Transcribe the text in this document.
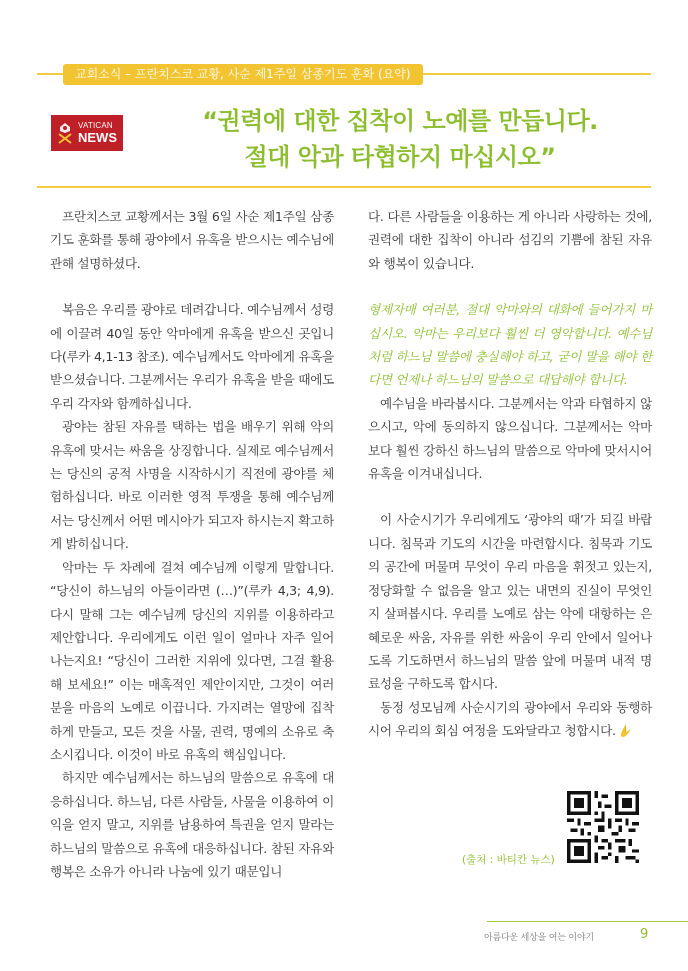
교회소식 – 프란치스코 교황, 사순 제1주일 삼종기도 훈화 (요약)
VATICAN
NEWS
“권력에 대한 집착이 노예를 만듭니다.
절대 악과 타협하지 마십시오”

프란치스코 교황께서는 3월 6일 사순 제1주일 삼종기도 훈화를 통해 광야에서 유혹을 받으시는 예수님에 관해 설명하셨다.

복음은 우리를 광야로 데려갑니다. 예수님께서 성령에 이끌려 40일 동안 악마에게 유혹을 받으신 곳입니다(루카 4,1-13 참조). 예수님께서도 악마에게 유혹을 받으셨습니다. 그분께서는 우리가 유혹을 받을 때에도 우리 각자와 함께하십니다.

광야는 참된 자유를 택하는 법을 배우기 위해 악의 유혹에 맞서는 싸움을 상징합니다. 실제로 예수님께서는 당신의 공적 사명을 시작하시기 직전에 광야를 체험하십니다. 바로 이러한 영적 투쟁을 통해 예수님께서는 당신께서 어떤 메시아가 되고자 하시는지 확고하게 밝히십니다.

악마는 두 차례에 걸쳐 예수님께 이렇게 말합니다. “당신이 하느님의 아들이라면 (…)”(루카 4,3; 4,9). 다시 말해 그는 예수님께 당신의 지위를 이용하라고 제안합니다. 우리에게도 이런 일이 얼마나 자주 일어나는지요! “당신이 그러한 지위에 있다면, 그걸 활용해 보세요!” 이는 매혹적인 제안이지만, 그것이 여러분을 마음의 노예로 이끕니다. 가지려는 열망에 집착하게 만들고, 모든 것을 사물, 권력, 명예의 소유로 축소시킵니다. 이것이 바로 유혹의 핵심입니다.

하지만 예수님께서는 하느님의 말씀으로 유혹에 대응하십니다. 하느님, 다른 사람들, 사물을 이용하여 이익을 얻지 말고, 지위를 남용하여 특권을 얻지 말라는 하느님의 말씀으로 유혹에 대응하십니다. 참된 자유와 행복은 소유가 아니라 나눔에 있기 때문입니

다. 다른 사람들을 이용하는 게 아니라 사랑하는 것에, 권력에 대한 집착이 아니라 섬김의 기쁨에 참된 자유와 행복이 있습니다.

형제자매 여러분, 절대 악마와의 대화에 들어가지 마십시오. 악마는 우리보다 훨씬 더 영악합니다. 예수님처럼 하느님 말씀에 충실해야 하고, 굳이 말을 해야 한다면 언제나 하느님의 말씀으로 대답해야 합니다.

예수님을 바라봅시다. 그분께서는 악과 타협하지 않으시고, 악에 동의하지 않으십니다. 그분께서는 악마보다 훨씬 강하신 하느님의 말씀으로 악마에 맞서시어 유혹을 이겨내십니다.

이 사순시기가 우리에게도 ‘광야의 때’가 되길 바랍니다. 침묵과 기도의 시간을 마련합시다. 침묵과 기도의 공간에 머물며 무엇이 우리 마음을 휘젓고 있는지, 정당화할 수 없음을 알고 있는 내면의 진실이 무엇인지 살펴봅시다. 우리를 노예로 삼는 악에 대항하는 은혜로운 싸움, 자유를 위한 싸움이 우리 안에서 일어나도록 기도하면서 하느님의 말씀 앞에 머물며 내적 명료성을 구하도록 합시다.

동정 성모님께 사순시기의 광야에서 우리와 동행하시어 우리의 회심 여정을 도와달라고 청합시다.

(출처 : 바티칸 뉴스)
아름다운 세상을 여는 이야기	9
